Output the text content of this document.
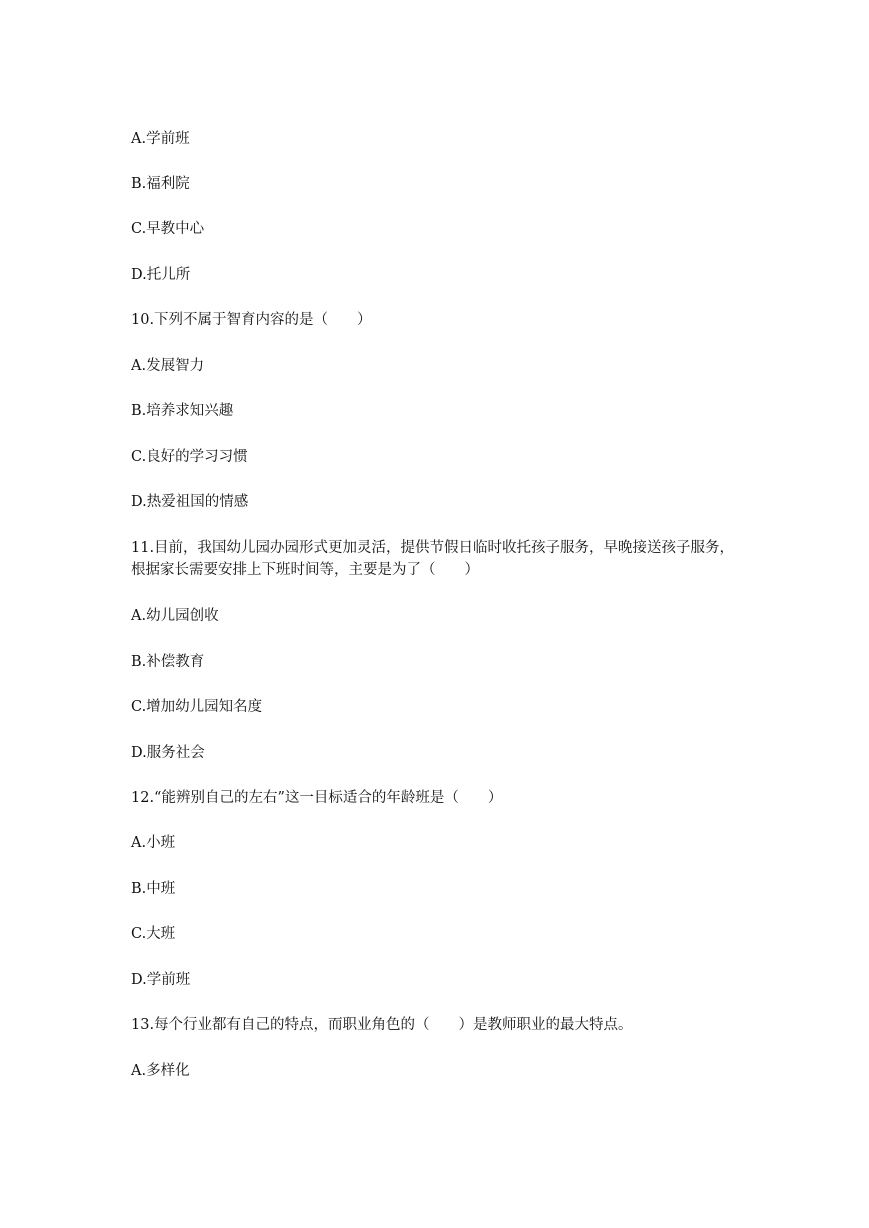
A.学前班
B.福利院
C.早教中心
D.托儿所
10.下列不属于智育内容的是（　　）
A.发展智力
B.培养求知兴趣
C.良好的学习习惯
D.热爱祖国的情感
11.目前，我国幼儿园办园形式更加灵活，提供节假日临时收托孩子服务，早晚接送孩子服务，根据家长需要安排上下班时间等，主要是为了（　　）
A.幼儿园创收
B.补偿教育
C.增加幼儿园知名度
D.服务社会
12.“能辨别自己的左右”这一目标适合的年龄班是（　　）
A.小班
B.中班
C.大班
D.学前班
13.每个行业都有自己的特点，而职业角色的（　　）是教师职业的最大特点。
A.多样化
